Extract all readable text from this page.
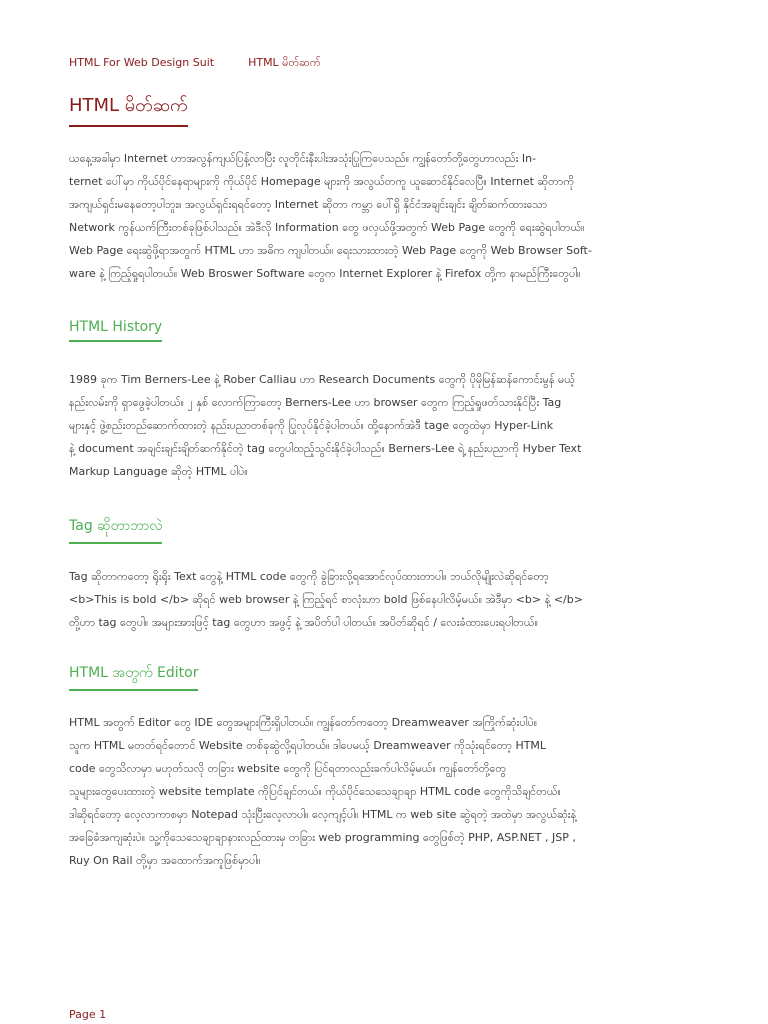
HTML For Web Design Suit	HTML မိတ်ဆက်
HTML မိတ်ဆက်

ယနေ့အခါမှာ Internet ဟာအလွန်ကျယ်ပြန့်လာပြီး လူတိုင်းနီးပါးအသုံးပြုကြပေသည်။ ကျွန်တော်တို့တွေဟာလည်း In-
ternet ပေါ်မှာ ကိုယ်ပိုင်နေရာများကို ကိုယ်ပိုင် Homepage များကို အလွယ်တကူ ယူဆောင်နိုင်လေပြီ။ Internet ဆိုတာကို
အကျယ်ရှင်းမနေတော့ပါဘူး။ အလွယ်ရှင်းရရင်တော့ Internet ဆိုတာ ကမ္ဘာ ပေါ်ရှိ နိုင်ငံအချင်းချင်း ချိတ်ဆက်ထားသော
Network ကွန်ယက်ကြီးတစ်ခုဖြစ်ပါသည်။ အဲဒီလို Information တွေ ဖလှယ်ဖို့အတွက် Web Page တွေကို ရေးဆွဲရပါတယ်။
Web Page ရေးဆွဲဖို့ရာအတွက် HTML ဟာ အဓိက ကျပါတယ်။ ရေးသားထားတဲ့ Web Page တွေကို Web Browser Soft-
ware နဲ့ ကြည့်ရှုရပါတယ်။ Web Broswer Software တွေက Internet Explorer နဲ့ Firefox တို့က နာမည်ကြီးတွေပါ။

HTML History

1989 ခုက Tim Berners-Lee နဲ့ Rober Calliau ဟာ Research Documents တွေကို ပိုမိုမြန်ဆန်ကောင်းမွန် မယ့်
နည်းလမ်းကို ရှာဖွေခဲ့ပါတယ်။ ၂ နှစ် လောက်ကြာတော့ Berners-Lee ဟာ browser တွေက ကြည့်ရှုဖတ်သားနိုင်ပြီး Tag
များနှင့် ဖွဲ့စည်းတည်ဆောက်ထားတဲ့ နည်းပညာတစ်ခုကို ပြုလုပ်နိုင်ခဲ့ပါတယ်။ ထို့နောက်အဲဒီ tage တွေထဲမှာ Hyper-Link
နဲ့ document အချင်းချင်းချိတ်ဆက်နိုင်တဲ့ tag တွေပါထည့်သွင်းနိုင်ခဲ့ပါသည်။ Berners-Lee ရဲ့ နည်းပညာကို Hyber Text
Markup Language ဆိုတဲ့ HTML ပါပဲ။

Tag ဆိုတာဘာလဲ

Tag ဆိုတာကတော့ ရိုးရိုး Text တွေနဲ့ HTML code တွေကို ခွဲခြားလို့ရအောင်လုပ်ထားတာပါ။ ဘယ်လိုမျိုးလဲဆိုရင်တော့
<b>This is bold </b> ဆိုရင် web browser နဲ့ ကြည့်ရင် စာလုံးဟာ bold ဖြစ်နေပါလိမ့်မယ်။ အဲဒီမှာ <b> နဲ့ </b>
တို့ဟာ tag တွေပါ။ အများအားဖြင့် tag တွေဟာ အဖွင့် နဲ့ အပိတ်ပါ ပါတယ်။ အပိတ်ဆိုရင် / လေးခံထားပေးရပါတယ်။

HTML အတွက် Editor

HTML အတွက် Editor တွေ IDE တွေအများကြီးရှိပါတယ်။ ကျွန်တော်ကတော့ Dreamweaver အကြိုက်ဆုံးပါပဲ။
သူက HTML မတတ်ရင်တောင် Website တစ်ခုဆွဲလို့ရပါတယ်။ ဒါပေမယ့် Dreamweaver ကိုသုံးရင်တော့ HTML
code တွေသိလာမှာ မဟုတ်သလို တခြား website တွေကို ပြင်ရတာလည်းခက်ပါလိမ့်မယ်။ ကျွန်တော်တို့တွေ
သူများတွေပေးထားတဲ့ website template ကိုပြင်ချင်တယ်။ ကိုယ်ပိုင်သေသေချာချာ HTML code တွေကိုသိချင်တယ်။
ဒါဆိုရင်တော့ လေ့လာကာစမှာ Notepad သုံးပြီးလေ့လာပါ။ လေ့ကျင့်ပါ။ HTML က web site ဆွဲရတဲ့ အထဲမှာ အလွယ်ဆုံးနဲ့
အခြေခံအကျဆုံးပဲ။ သူ့ကိုသေသေချာချာနားလည်ထားမှ တခြား web programming တွေဖြစ်တဲ့ PHP, ASP.NET , JSP ,
Ruy On Rail တို့မှာ အထောက်အကူဖြစ်မှာပါ။

Page 1
